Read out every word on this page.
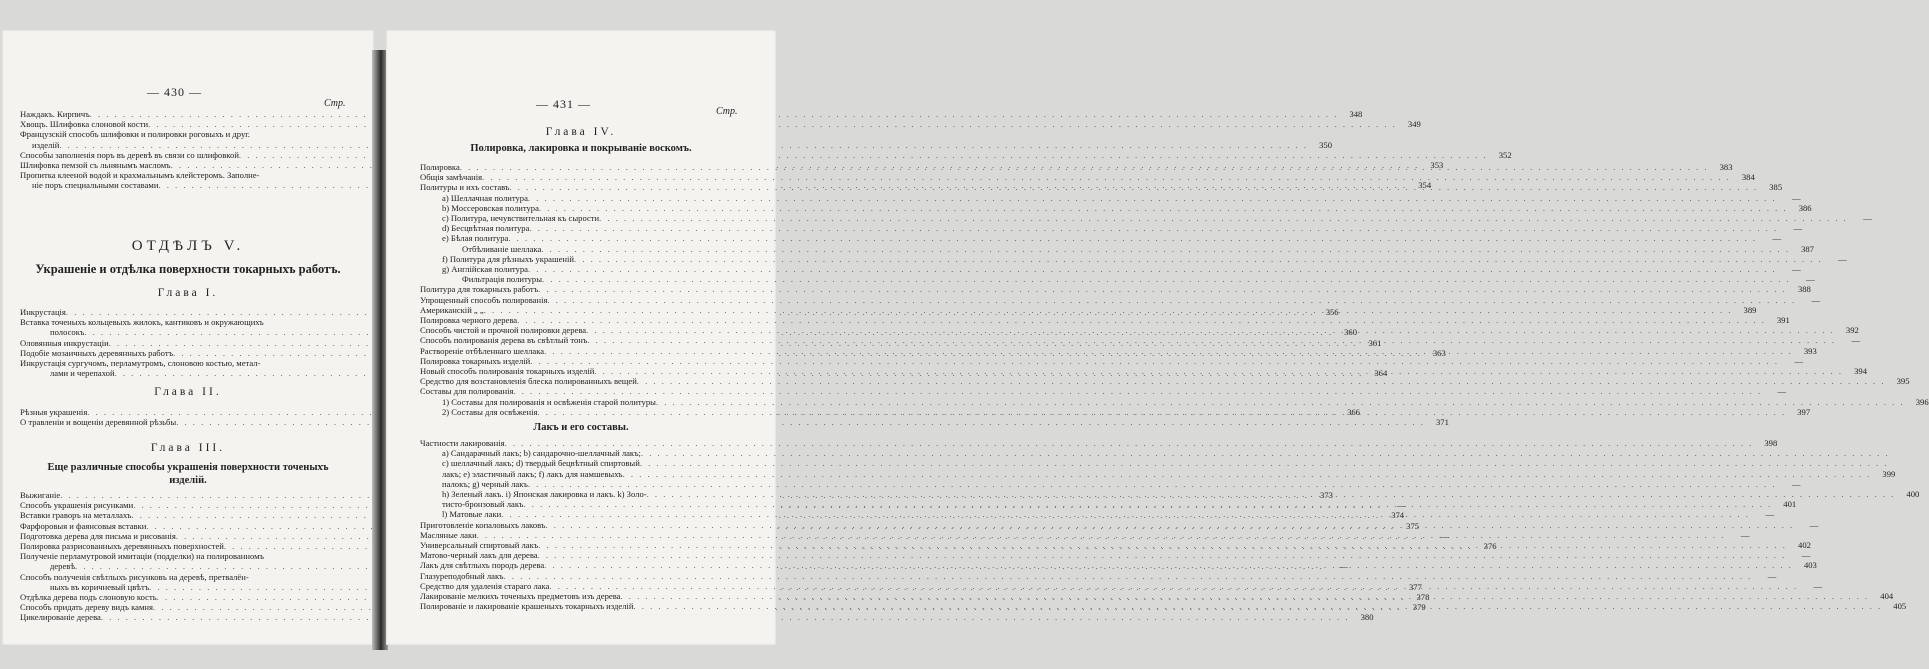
— 430 —
Стр.
Наждакъ. Кирпичъ . . .	348
Хвощъ. Шлифовка слоновой кости . . .	349
Французскій способъ шлифовки и полировки роговыхъ и друг.
изделій . . .	350
Способы заполненія поръ въ деревѣ въ связи со шлифовкой . . .	352
Шлифовка пемзой съ льнянымъ масломъ . . .	353
Пропитка клееной водой и крахмальнымъ клейстеромъ. Заполне-
ніе поръ специальными составами . . .	354
ОТДѢЛЪ V.
Украшеніе и отдѣлка поверхности токарныхъ работъ.
Глава I.
Инкрустація . . .	356
Вставка точеныхъ кольцевыхъ жилокъ, кантиковъ и окружающихъ
полосокъ . . .	360
Оловянныя инкрустаціи . . .	361
Подобіе мозаичныхъ деревянныхъ работъ . . .	363
Инкрустація сургучомъ, перламутромъ, слоновою костью, метал-
лами и черепахой . . .	364
Глава II.
Рѣзныя украшенія . . .	366
О травленіи и вощеніи деревянной рѣзьбы . . .	371
Глава III.
Еще различные способы украшенія поверхности точеныхъ
изделій.
Выжиганіе . . .	373
Способъ украшенія рисунками . . .	—
Вставки граворъ на металлахъ . . .	374
Фарфоровыя и фаянсовыя вставки . . .	375
Подготовка дерева для письма и рисованія . . .	—
Полировка разрисованныхъ деревянныхъ поверхностей . . .	376
Полученіе перламутровой имитаціи (подделки) на полированномъ
деревѣ . . .	—
Способъ полученія свѣтлыхъ рисунковъ на деревѣ, претвалён-
ныхъ въ коричневый цвѣтъ . . .	377
Отдѣлка дерева подъ слоновую кость . . .	378
Способъ придать дереву видъ камня . . .	379
Цикелированіе дерева . . .	380
— 431 —
Стр.
Глава IV.
Полировка, лакировка и покрываніе воскомъ.
Полировка . . .	383
Общія замѣчанія . . .	384
Политуры и ихъ составъ . . .	385
a) Шеллачная политура . . .	—
b) Моссеровская политура . . .	386
c) Политура, нечувствительная къ сырости . . .	—
d) Бесцвѣтная политура . . .	—
e) Бѣлая политура . . .	—
Отбѣливаніе шеллака . . .	387
f) Политура для рѣзныхъ украшеній . . .	—
g) Англійская политура . . .	—
Фильтрація политуры . . .	—
Политура для токарныхъ работъ . . .	388
Упрощенный способъ полированія . . .	—
Американскій „ „ . . .	389
Полировка черного дерева . . .	391
Способъ чистой и прочной полировки дерева . . .	392
Способъ полированія дерева въ свѣтлый тонъ . . .	—
Раствореніе отбѣленнаго шеллака . . .	393
Полировка токарныхъ изделій . . .	—
Новый способъ полированія токарныхъ изделій . . .	394
Средство для возстановленія блеска полированныхъ вещей . . .	395
Составы для полированія . . .	—
1) Составы для полированія и освѣженія старой политуры . . .	396
2) Составы для освѣженія . . .	397
Лакъ и его составы.
Частности лакированія . . .	398
a) Сандарачный лакъ; b) сандарочно-шеллачный лакъ;
. . .
c) шеллачный лакъ; d) твердый бецвѣтный спиртовый
. . .
лакъ; e) эластичный лакъ; f) лакъ для намшевыхъ . . .	399
палокъ; g) черный лакъ . . .	—
h) Зеленый лакъ. i) Японская лакировка и лакъ. k) Золо- . . .	400
тисто-бронзовый лакъ . . .	401
l) Матовые лаки . . .	—
Приготовленіе копаловыхъ лаковъ . . .	—
Масляные лаки . . .	—
Универсальный спиртовый лакъ . . .	402
Матово-черный лакъ для дерева . . .	—
Лакъ для свѣтлыхъ породъ дерева . . .	403
Глазуреподобный лакъ . . .	—
Средство для удаленія стараго лака . . .	—
Лакированіе мелкихъ точеныхъ предметовъ изъ дерева . . .	404
Полированіе и лакированіе крашеныхъ токарныхъ изделій . . .	405
